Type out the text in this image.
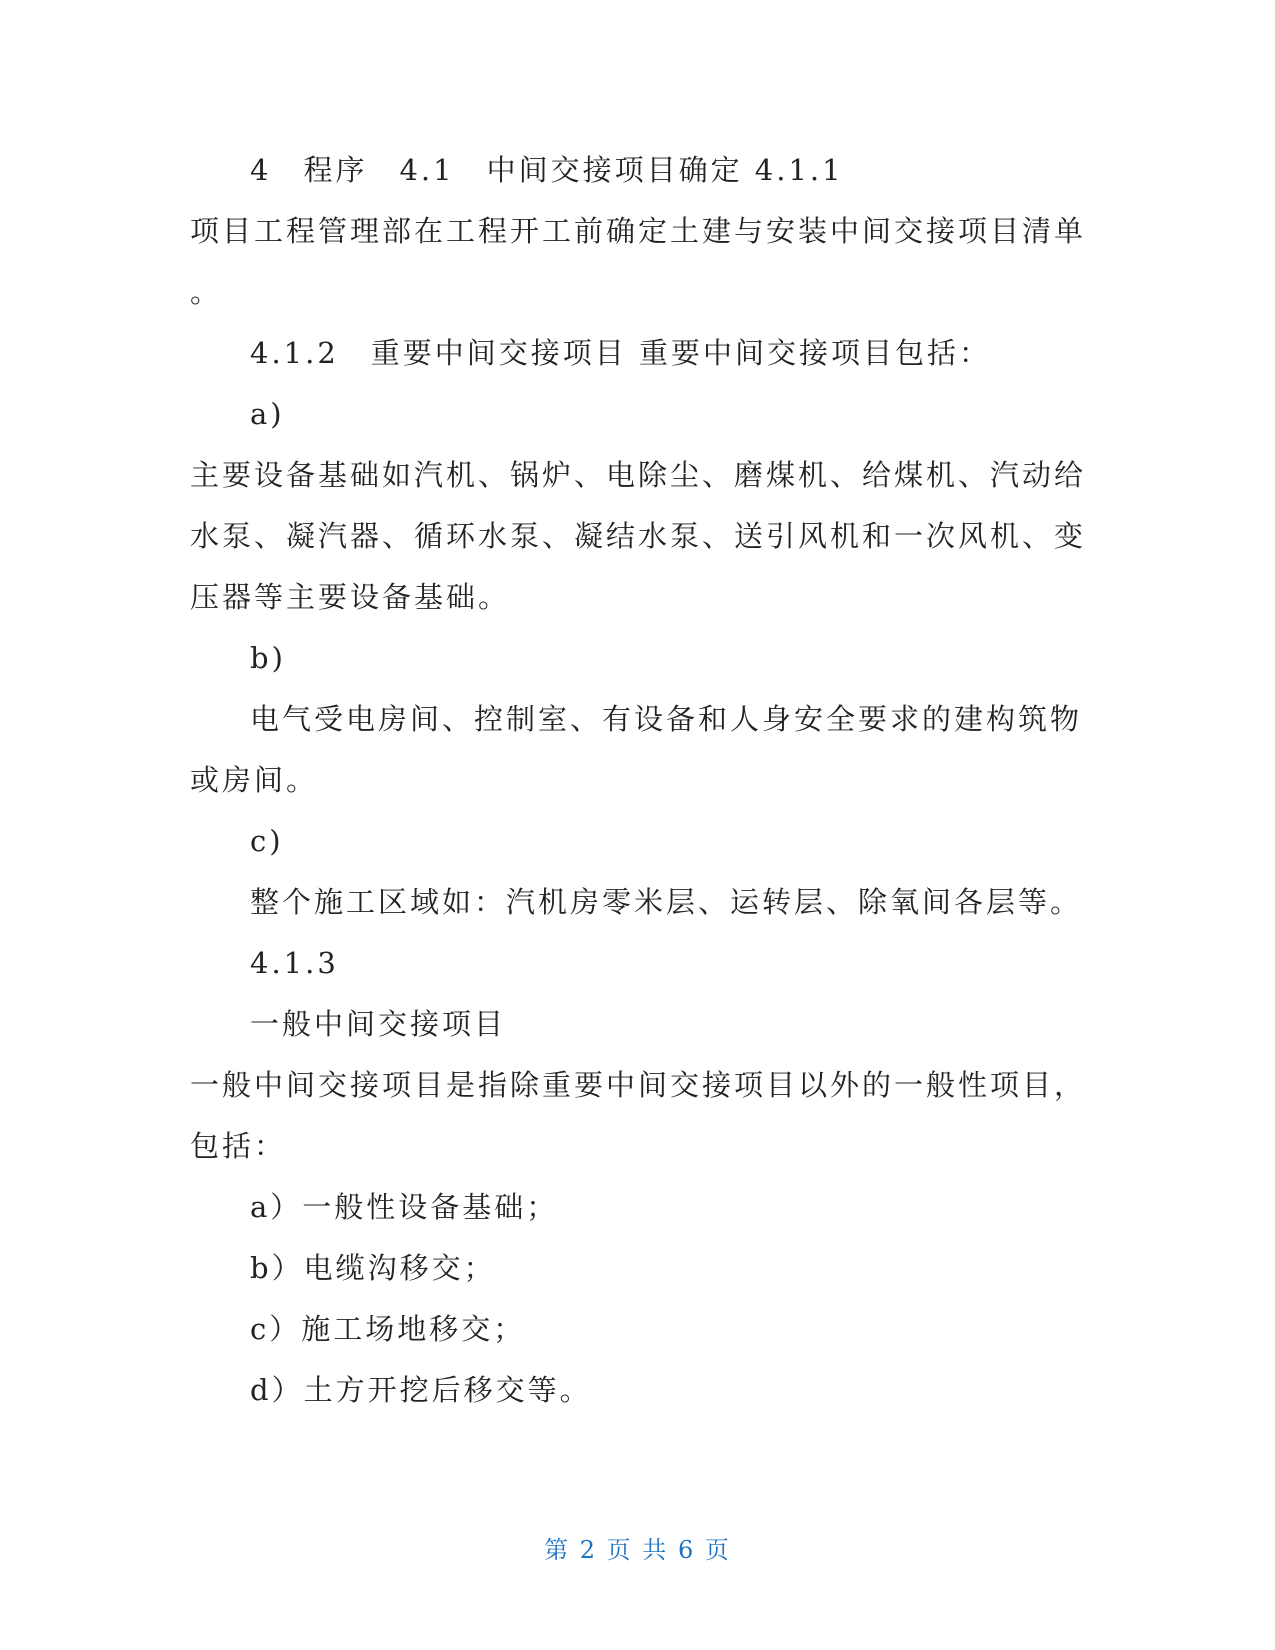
4　程序　4.1　中间交接项目确定 4.1.1

项目工程管理部在工程开工前确定土建与安装中间交接项目清单

。

4.1.2　重要中间交接项目 重要中间交接项目包括：

a)

主要设备基础如汽机、锅炉、电除尘、磨煤机、给煤机、汽动给

水泵、凝汽器、循环水泵、凝结水泵、送引风机和一次风机、变

压器等主要设备基础。

b)

电气受电房间、控制室、有设备和人身安全要求的建构筑物

或房间。

c)

整个施工区域如：汽机房零米层、运转层、除氧间各层等。

4.1.3

一般中间交接项目

一般中间交接项目是指除重要中间交接项目以外的一般性项目，

包括：

a）一般性设备基础；

b）电缆沟移交；

c）施工场地移交；

d）土方开挖后移交等。

第 2 页 共 6 页
